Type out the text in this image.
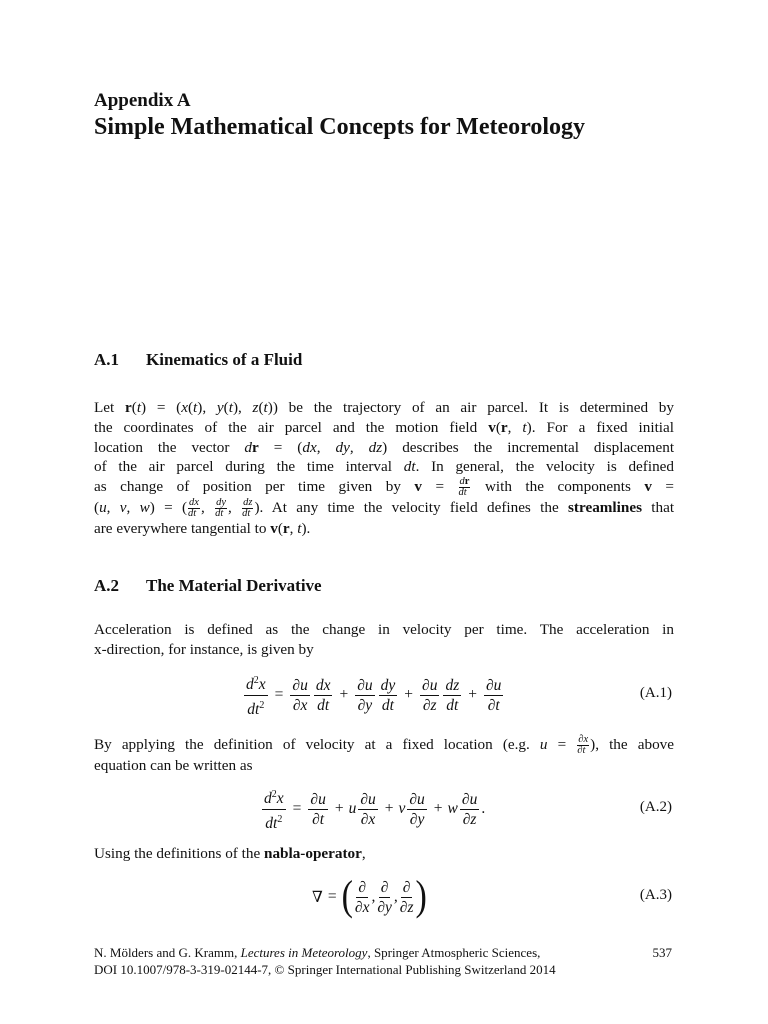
Appendix A
Simple Mathematical Concepts for Meteorology
A.1 Kinematics of a Fluid
Let r(t) = (x(t), y(t), z(t)) be the trajectory of an air parcel. It is determined by
the coordinates of the air parcel and the motion field v(r, t). For a fixed initial
location the vector dr = (dx, dy, dz) describes the incremental displacement
of the air parcel during the time interval dt. In general, the velocity is defined
as change of position per time given by $v = \frac{dr}{dt}$ with the components v =
(u, v, w) = ( $\frac{dx}{dt}$ , $\frac{dy}{dt}$ , $\frac{dz}{dt}$ ). At any time the velocity field defines the streamlines that
are everywhere tangential to v(r, t).
A.2 The Material Derivative
Acceleration is defined as the change in velocity per time. The acceleration in
x-direction, for instance, is given by
$\frac{d^2x}{dt^2} = \frac{\partial u}{\partial x} \frac{dx}{dt} + \frac{\partial u}{\partial y} \frac{dy}{dt} + \frac{\partial u}{\partial z} \frac{dz}{dt} + \frac{\partial u}{\partial t}$	(A.1)
By applying the definition of velocity at a fixed location (e.g. $u = \frac{\partial x}{\partial t}$ ), the above
equation can be written as
$\frac{d^2x}{dt^2} = \frac{\partial u}{\partial t} + u \frac{\partial u}{\partial x} + v \frac{\partial u}{\partial y} + w \frac{\partial u}{\partial z}$ .	(A.2)
Using the definitions of the nabla-operator,
∇ = ( $\frac{\partial}{\partial x}$ , $\frac{\partial}{\partial y}$ , $\frac{\partial}{\partial z}$ )	(A.3)
N. Mölders and G. Kramm, Lectures in Meteorology, Springer Atmospheric Sciences,
DOI 10.1007/978-3-319-02144-7, © Springer International Publishing Switzerland 2014
537
